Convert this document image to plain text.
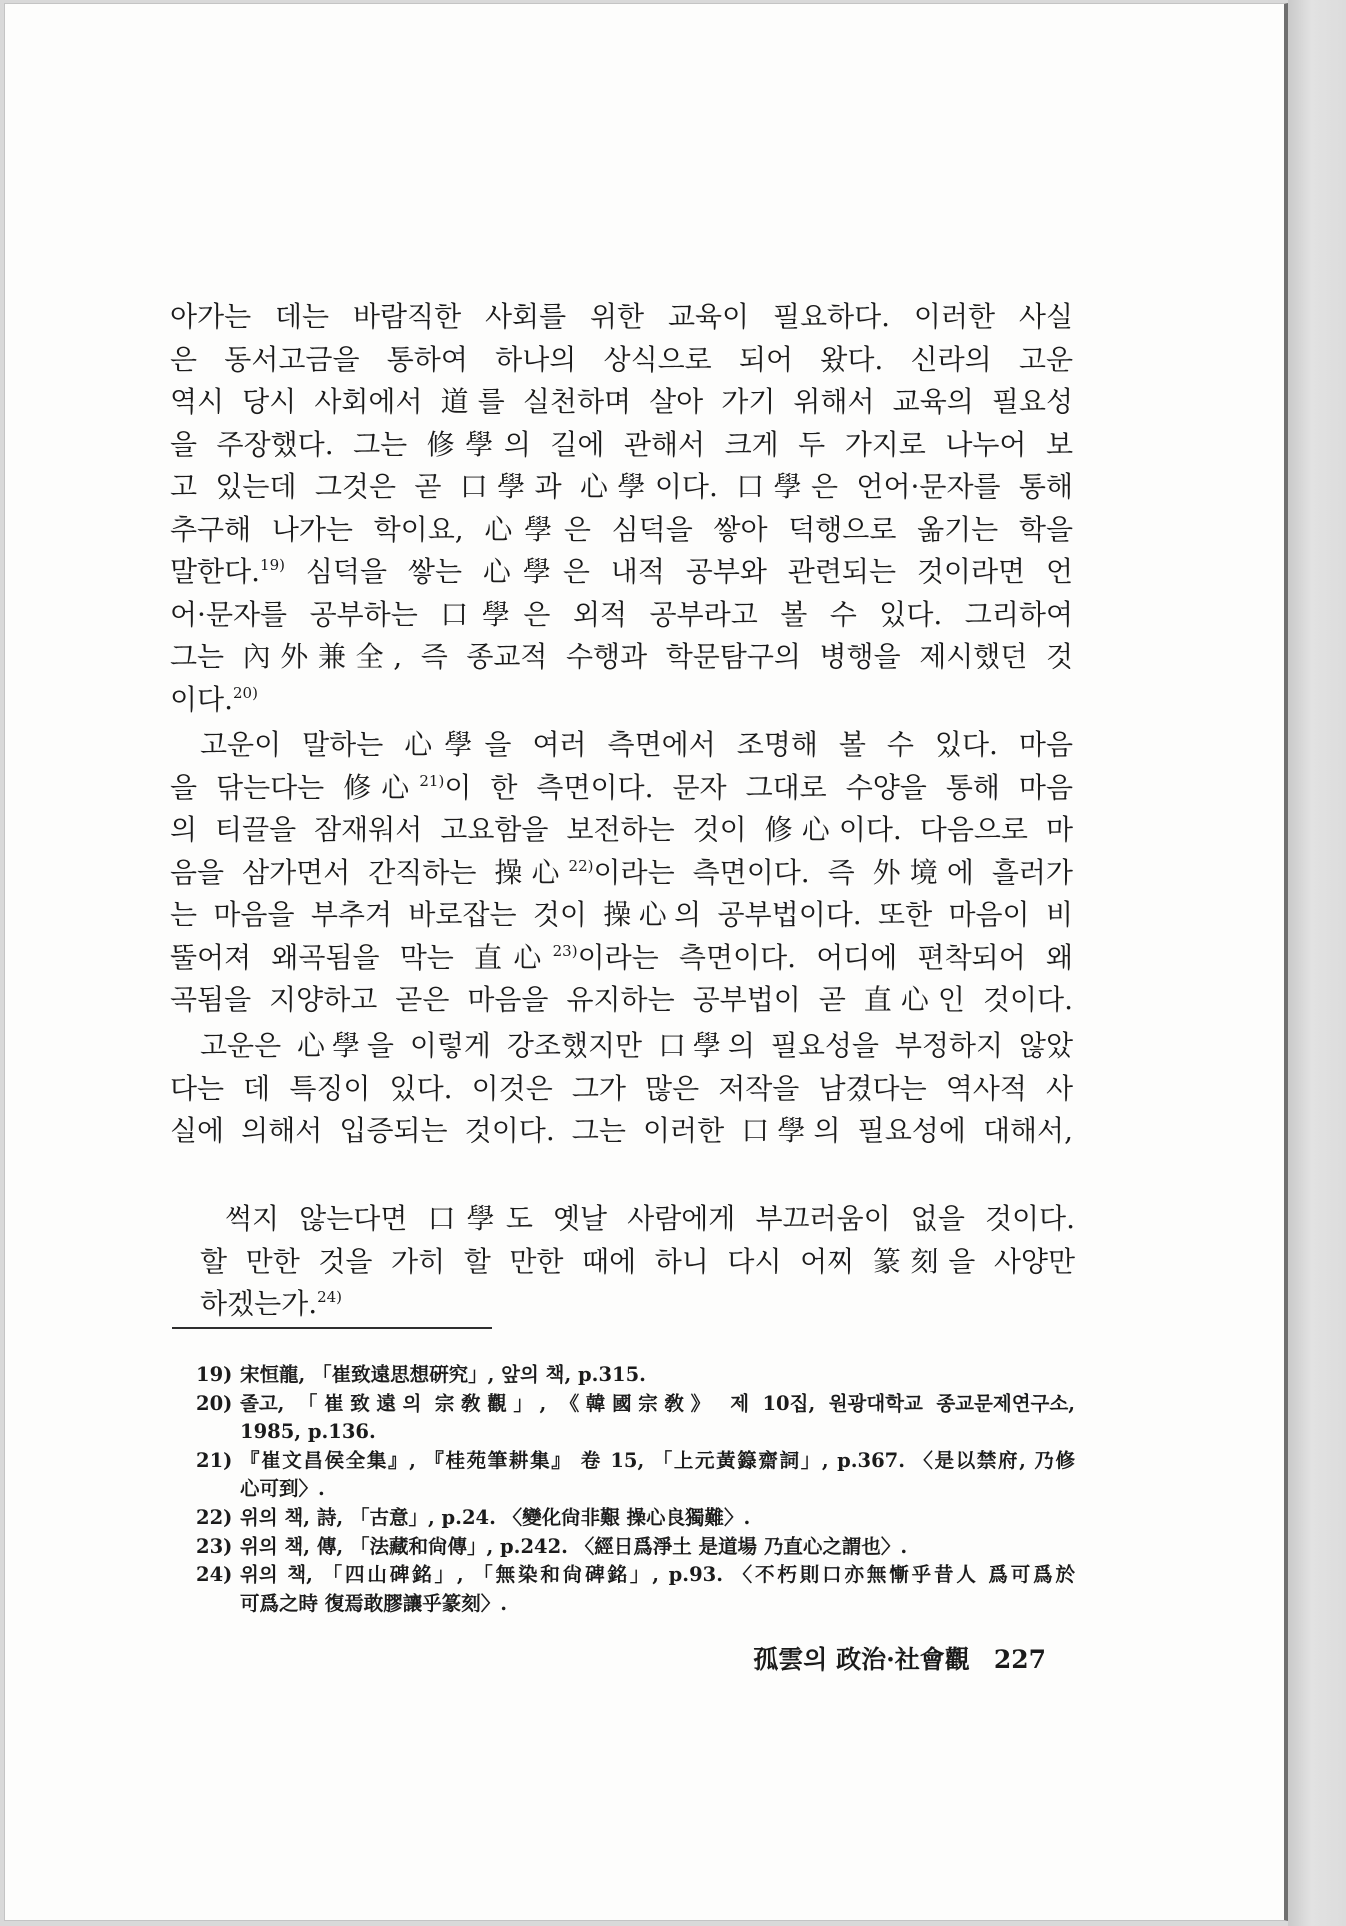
아가는 데는 바람직한 사회를 위한 교육이 필요하다. 이러한 사실
은 동서고금을 통하여 하나의 상식으로 되어 왔다. 신라의 고운
역시 당시 사회에서 道를 실천하며 살아 가기 위해서 교육의 필요성
을 주장했다. 그는 修學의 길에 관해서 크게 두 가지로 나누어 보
고 있는데 그것은 곧 口學과 心學이다. 口學은 언어·문자를 통해
추구해 나가는 학이요, 心學은 심덕을 쌓아 덕행으로 옮기는 학을
말한다.$^{19)}$ 심덕을 쌓는 心學은 내적 공부와 관련되는 것이라면 언
어·문자를 공부하는 口學은 외적 공부라고 볼 수 있다. 그리하여
그는 內外兼全, 즉 종교적 수행과 학문탐구의 병행을 제시했던 것
이다.$^{20)}$
고운이 말하는 心學을 여러 측면에서 조명해 볼 수 있다. 마음
을 닦는다는 修心$^{21)}$이 한 측면이다. 문자 그대로 수양을 통해 마음
의 티끌을 잠재워서 고요함을 보전하는 것이 修心이다. 다음으로 마
음을 삼가면서 간직하는 操心$^{22)}$이라는 측면이다. 즉 外境에 흘러가
는 마음을 부추겨 바로잡는 것이 操心의 공부법이다. 또한 마음이 비
뚤어져 왜곡됨을 막는 直心$^{23)}$이라는 측면이다. 어디에 편착되어 왜
곡됨을 지양하고 곧은 마음을 유지하는 공부법이 곧 直心인 것이다.
고운은 心學을 이렇게 강조했지만 口學의 필요성을 부정하지 않았
다는 데 특징이 있다. 이것은 그가 많은 저작을 남겼다는 역사적 사
실에 의해서 입증되는 것이다. 그는 이러한 口學의 필요성에 대해서,
썩지 않는다면 口學도 옛날 사람에게 부끄러움이 없을 것이다.
할 만한 것을 가히 할 만한 때에 하니 다시 어찌 篆刻을 사양만
하겠는가.$^{24)}$
19) 宋恒龍, 「崔致遠思想硏究」, 앞의 책, p.315.
20) 졸고, 「崔致遠의 宗敎觀」, 《韓國宗敎》 제 10집, 원광대학교 종교문제연구소,
1985, p.136.
21) 『崔文昌侯全集』, 『桂苑筆耕集』 卷 15, 「上元黃籙齋詞」, p.367. 〈是以禁府, 乃修
心可到〉.
22) 위의 책, 詩, 「古意」, p.24. 〈變化尙非艱 操心良獨難〉.
23) 위의 책, 傳, 「法藏和尙傳」, p.242. 〈經日爲淨土 是道場 乃直心之謂也〉.
24) 위의 책, 「四山碑銘」, 「無染和尙碑銘」, p.93. 〈不朽則口亦無慚乎昔人 爲可爲於
可爲之時 復焉敢膠讓乎篆刻〉.
孤雲의 政治·社會觀 227
